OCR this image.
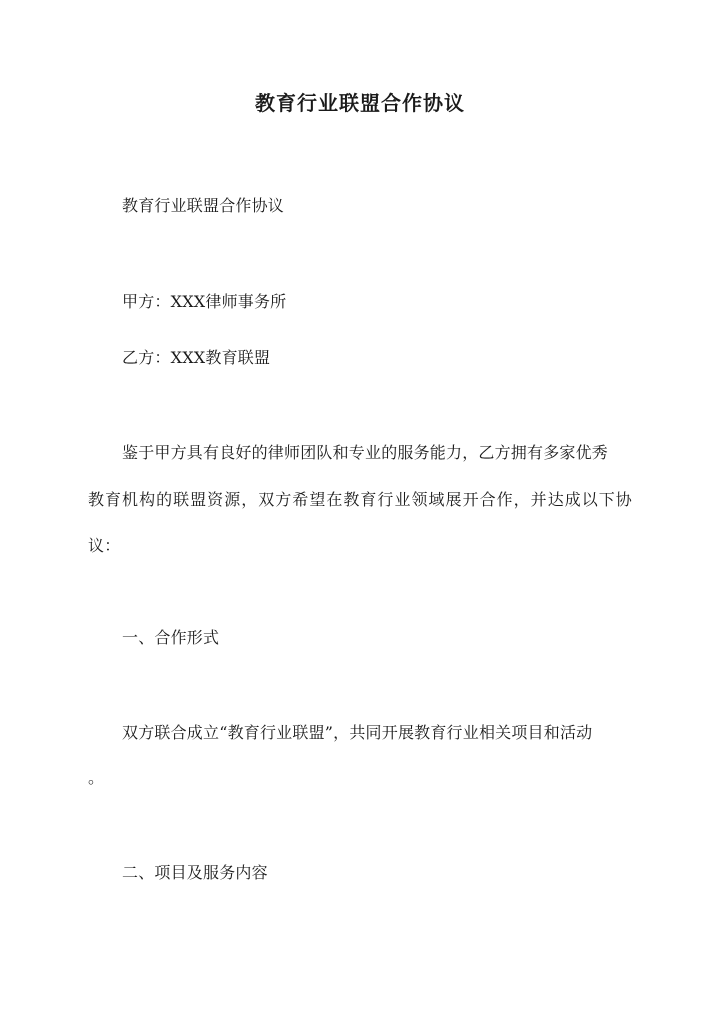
教育行业联盟合作协议
教育行业联盟合作协议
甲方：XXX律师事务所
乙方：XXX教育联盟
鉴于甲方具有良好的律师团队和专业的服务能力，乙方拥有多家优秀
教育机构的联盟资源，双方希望在教育行业领域展开合作，并达成以下协
议：
一、合作形式
双方联合成立“教育行业联盟”，共同开展教育行业相关项目和活动
。
二、项目及服务内容
